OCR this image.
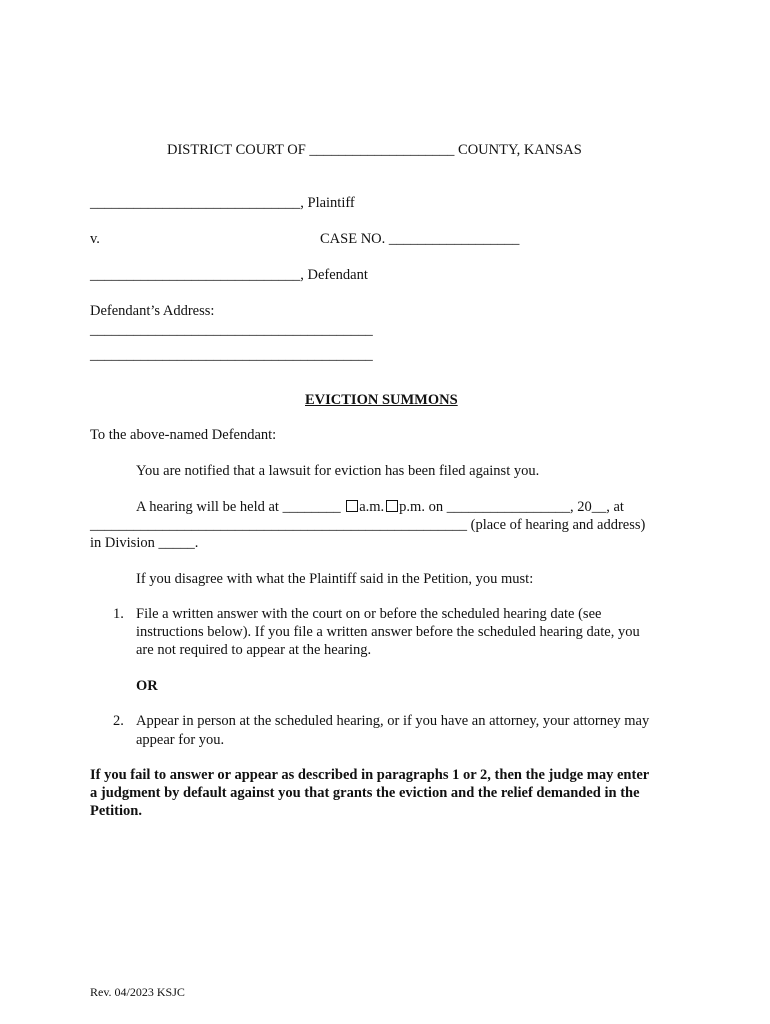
DISTRICT COURT OF ____________________ COUNTY, KANSAS
_____________________________, Plaintiff
v.	CASE NO. __________________
_____________________________, Defendant
Defendant’s Address:
_______________________________________
_______________________________________
EVICTION SUMMONS
To the above-named Defendant:
You are notified that a lawsuit for eviction has been filed against you.
A hearing will be held at ________ a.m. p.m. on _________________, 20__, at
____________________________________________________ (place of hearing and address)
in Division _____.
If you disagree with what the Plaintiff said in the Petition, you must:
1. File a written answer with the court on or before the scheduled hearing date (see
instructions below). If you file a written answer before the scheduled hearing date, you
are not required to appear at the hearing.
OR
2. Appear in person at the scheduled hearing, or if you have an attorney, your attorney may
appear for you.
If you fail to answer or appear as described in paragraphs 1 or 2, then the judge may enter
a judgment by default against you that grants the eviction and the relief demanded in the
Petition.
Rev. 04/2023 KSJC
